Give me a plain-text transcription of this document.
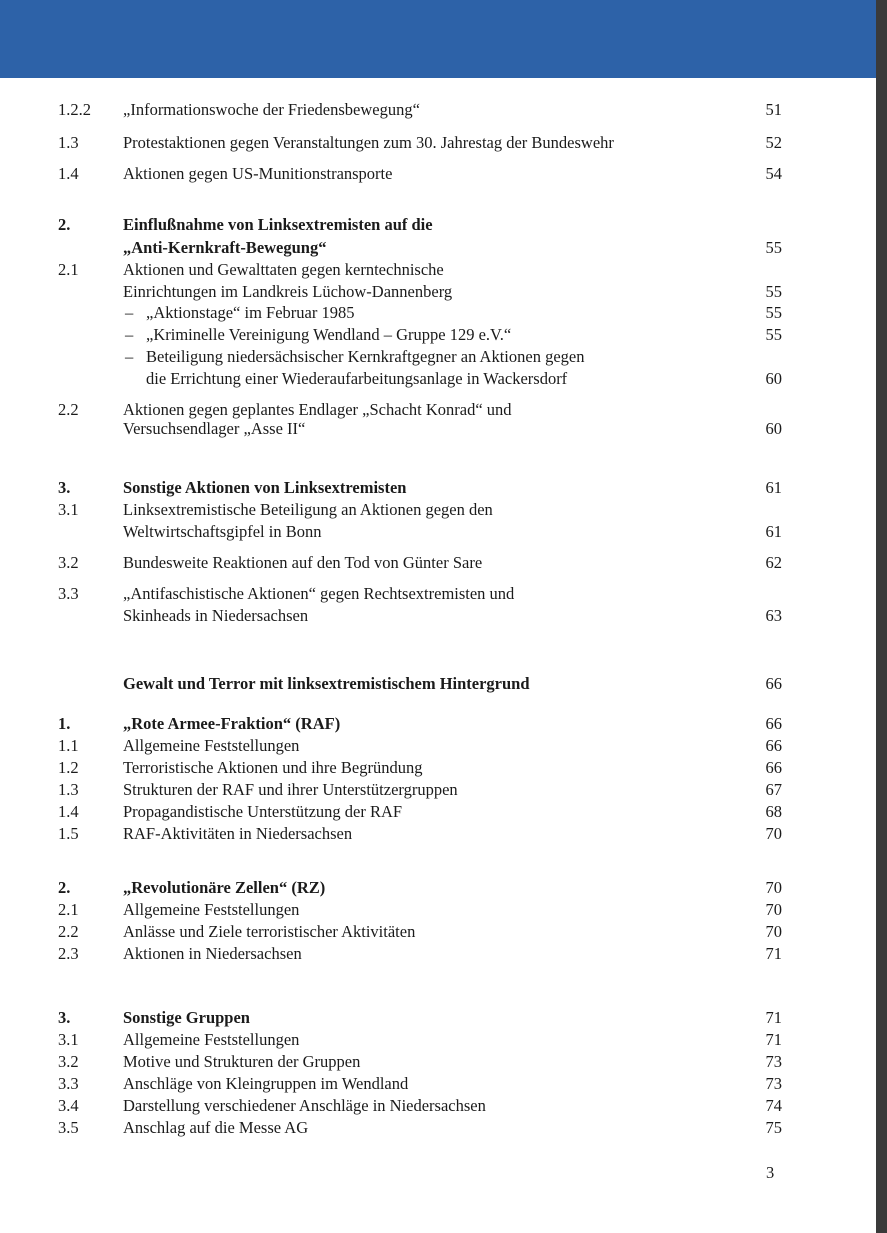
1.2.2 „Informationswoche der Friedensbewegung“	51
1.3	Protestaktionen gegen Veranstaltungen zum 30. Jahrestag der Bundeswehr	52
1.4	Aktionen gegen US-Munitionstransporte	54
2.	Einflußnahme von Linksextremisten auf die
„Anti-Kernkraft-Bewegung“	55
2.1	Aktionen und Gewalttaten gegen kerntechnische
Einrichtungen im Landkreis Lüchow-Dannenberg	55
– „Aktionstage“ im Februar 1985	55
– „Kriminelle Vereinigung Wendland – Gruppe 129 e.V.“	55
– Beteiligung niedersächsischer Kernkraftgegner an Aktionen gegen
die Errichtung einer Wiederaufarbeitungsanlage in Wackersdorf	60
2.2	Aktionen gegen geplantes Endlager „Schacht Konrad“ und
Versuchsendlager „Asse II“	60
3.	Sonstige Aktionen von Linksextremisten	61
3.1	Linksextremistische Beteiligung an Aktionen gegen den
Weltwirtschaftsgipfel in Bonn	61
3.2	Bundesweite Reaktionen auf den Tod von Günter Sare	62
3.3	„Antifaschistische Aktionen“ gegen Rechtsextremisten und
Skinheads in Niedersachsen	63
Gewalt und Terror mit linksextremistischem Hintergrund	66
1.	„Rote Armee-Fraktion“ (RAF)	66
1.1	Allgemeine Feststellungen	66
1.2	Terroristische Aktionen und ihre Begründung	66
1.3	Strukturen der RAF und ihrer Unterstützergruppen	67
1.4	Propagandistische Unterstützung der RAF	68
1.5	RAF-Aktivitäten in Niedersachsen	70
2.	„Revolutionäre Zellen“ (RZ)	70
2.1	Allgemeine Feststellungen	70
2.2	Anlässe und Ziele terroristischer Aktivitäten	70
2.3	Aktionen in Niedersachsen	71
3.	Sonstige Gruppen	71
3.1	Allgemeine Feststellungen	71
3.2	Motive und Strukturen der Gruppen	73
3.3	Anschläge von Kleingruppen im Wendland	73
3.4	Darstellung verschiedener Anschläge in Niedersachsen	74
3.5	Anschlag auf die Messe AG	75
3
